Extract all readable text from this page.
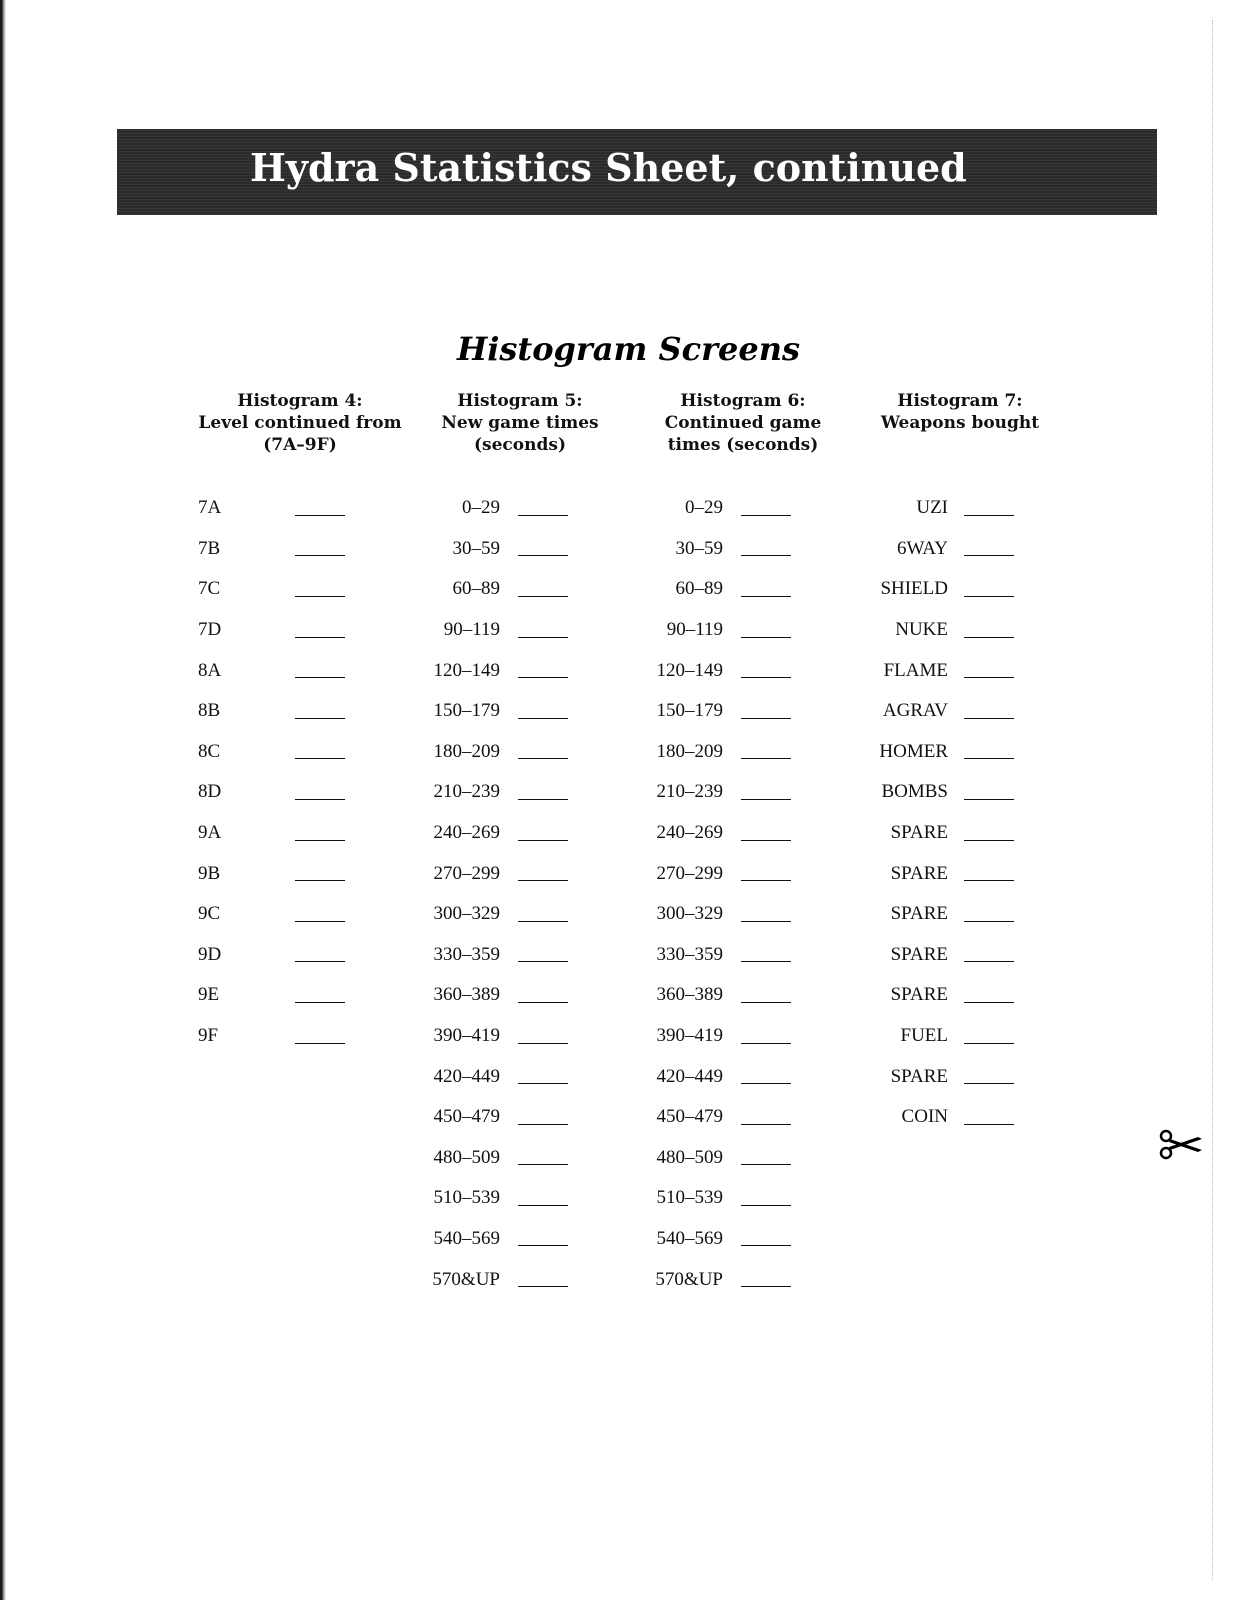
Hydra Statistics Sheet, continued
Histogram Screens
Histogram 4:
Level continued from
(7A–9F)
7A
7B
7C
7D
8A
8B
8C
8D
9A
9B
9C
9D
9E
9F
Histogram 5:
New game times
(seconds)
0–29
30–59
60–89
90–119
120–149
150–179
180–209
210–239
240–269
270–299
300–329
330–359
360–389
390–419
420–449
450–479
480–509
510–539
540–569
570&UP
Histogram 6:
Continued game
times (seconds)
0–29
30–59
60–89
90–119
120–149
150–179
180–209
210–239
240–269
270–299
300–329
330–359
360–389
390–419
420–449
450–479
480–509
510–539
540–569
570&UP
Histogram 7:
Weapons bought
UZI
6WAY
SHIELD
NUKE
FLAME
AGRAV
HOMER
BOMBS
SPARE
SPARE
SPARE
SPARE
SPARE
FUEL
SPARE
COIN
